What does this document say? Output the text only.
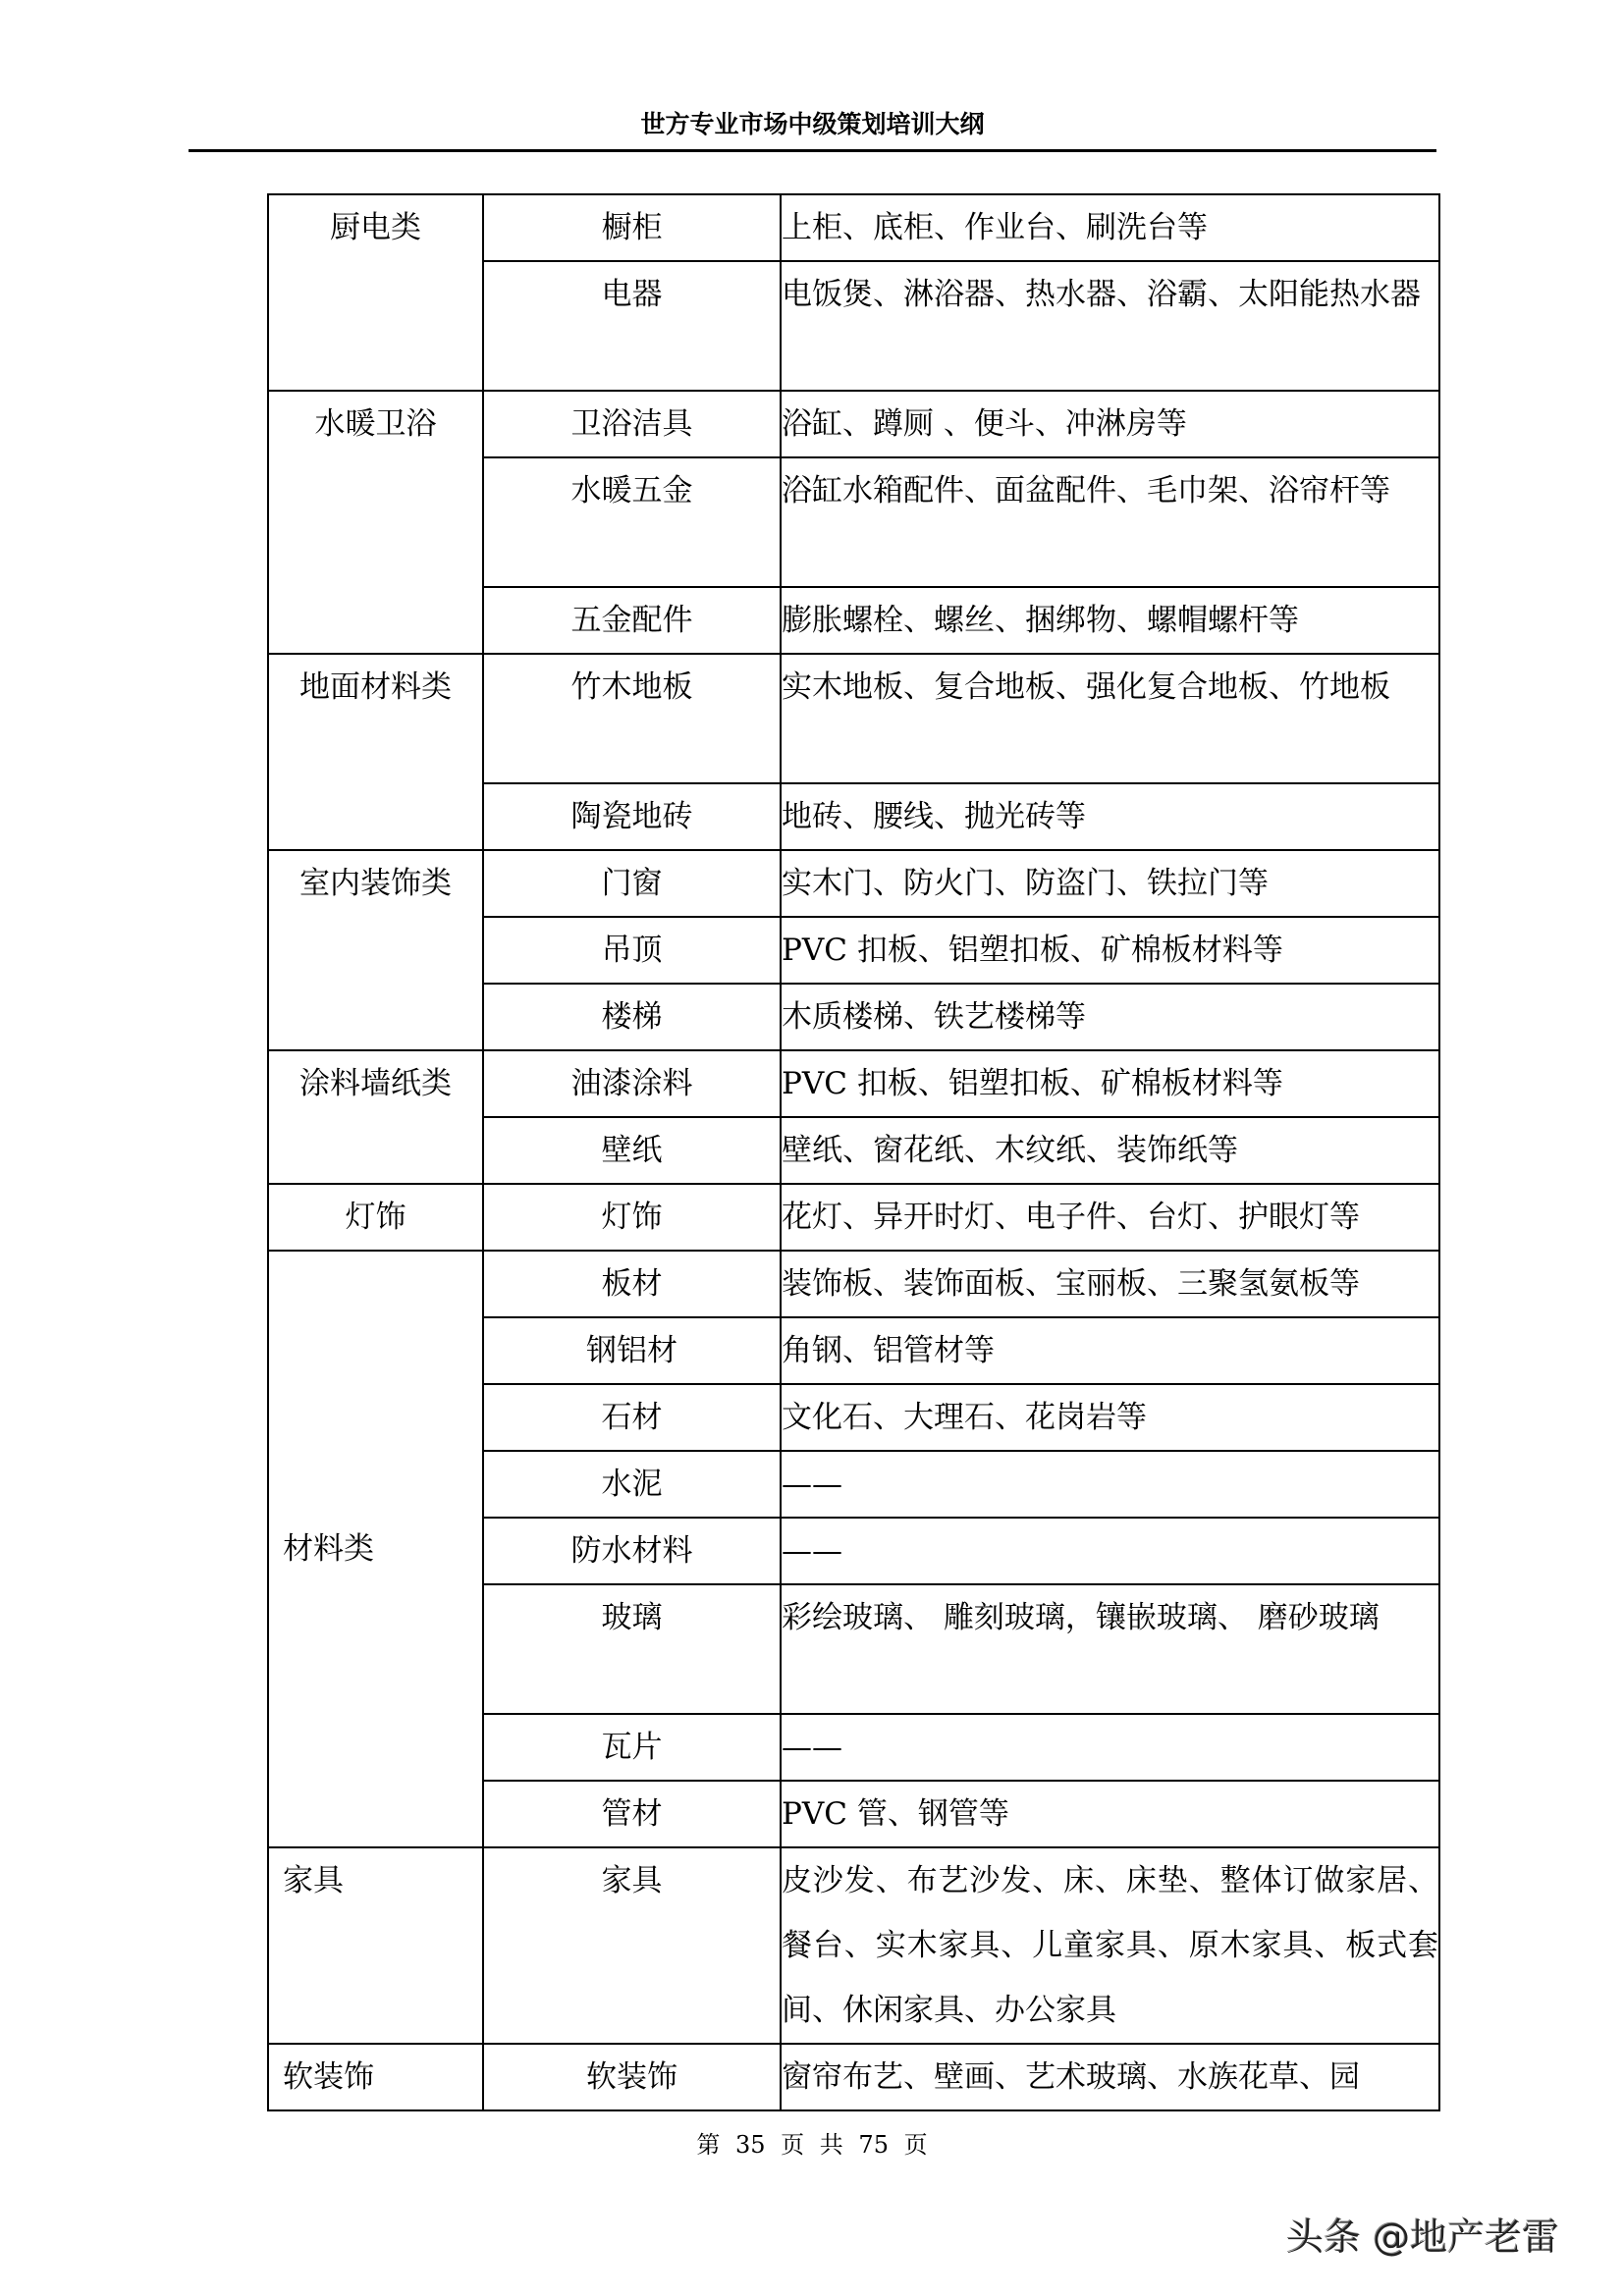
世方专业市场中级策划培训大纲
厨电类	橱柜	上柜、底柜、作业台、刷洗台等

	电器	电饭煲、淋浴器、热水器、浴霸、太阳能热水器

水暖卫浴	卫浴洁具	浴缸、蹲厕 、便斗、冲淋房等

	水暖五金	浴缸水箱配件、面盆配件、毛巾架、浴帘杆等

	五金配件	膨胀螺栓、螺丝、捆绑物、螺帽螺杆等

地面材料类	竹木地板	实木地板、复合地板、强化复合地板、竹地板

	陶瓷地砖	地砖、腰线、抛光砖等

室内装饰类	门窗	实木门、防火门、防盗门、铁拉门等

	吊顶	PVC 扣板、铝塑扣板、矿棉板材料等

	楼梯	木质楼梯、铁艺楼梯等

涂料墙纸类	油漆涂料	PVC 扣板、铝塑扣板、矿棉板材料等

	壁纸	壁纸、窗花纸、木纹纸、装饰纸等

灯饰	灯饰	花灯、异开时灯、电子件、台灯、护眼灯等

材料类	板材	装饰板、装饰面板、宝丽板、三聚氢氨板等

	钢铝材	角钢、铝管材等

	石材	文化石、大理石、花岗岩等

	水泥	——

	防水材料	——

	玻璃	彩绘玻璃、 雕刻玻璃，镶嵌玻璃、 磨砂玻璃

	瓦片	——

	管材	PVC 管、钢管等

家具	家具	皮沙发、布艺沙发、床、床垫、整体订做家居、餐台、实木家具、儿童家具、原木家具、板式套间、休闲家具、办公家具

软装饰	软装饰	窗帘布艺、壁画、艺术玻璃、水族花草、园
第 35 页 共 75 页
头条 @地产老雷
